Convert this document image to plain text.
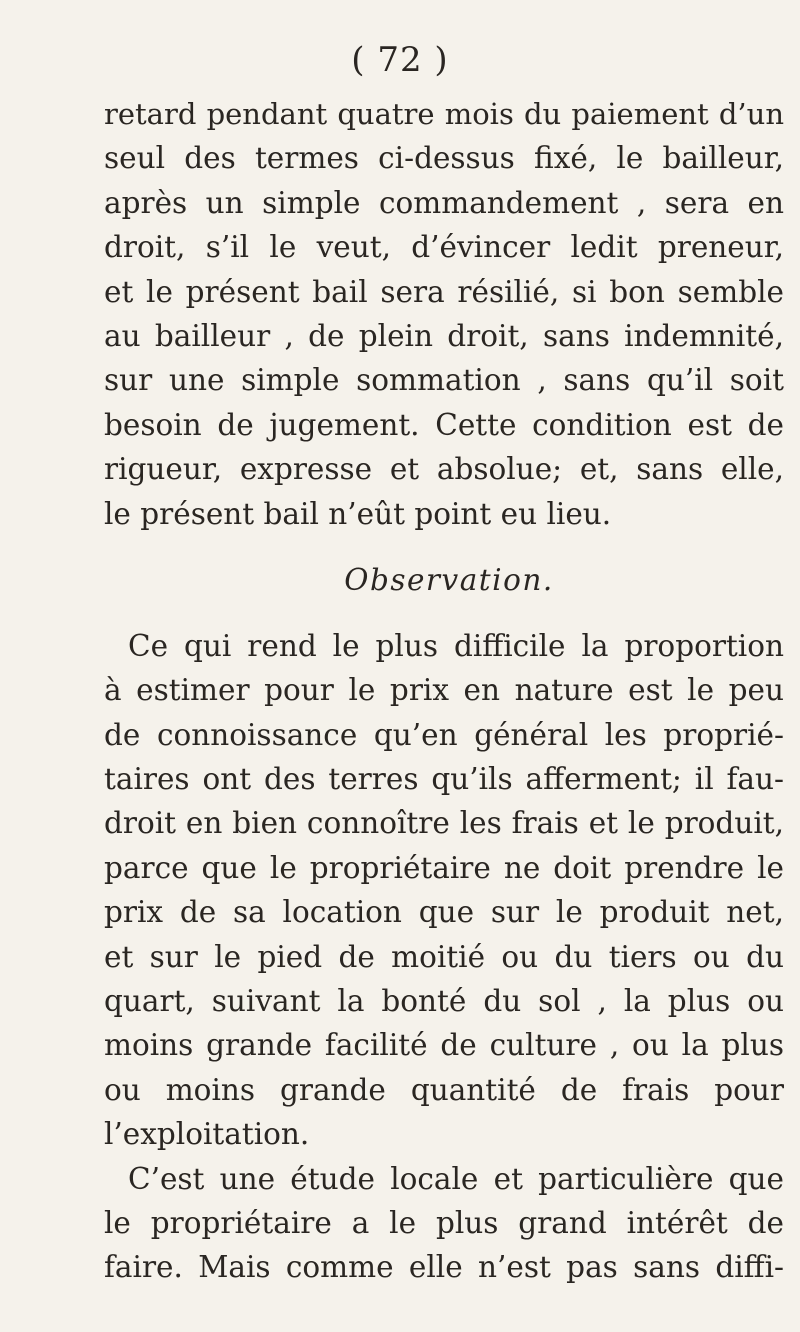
( 72 )
retard pendant quatre mois du paiement d’un
seul des termes ci-dessus fixé, le bailleur,
après un simple commandement , sera en
droit, s’il le veut, d’évincer ledit preneur,
et le présent bail sera résilié, si bon semble
au bailleur , de plein droit, sans indemnité,
sur une simple sommation , sans qu’il soit
besoin de jugement. Cette condition est de
rigueur, expresse et absolue; et, sans elle,
le présent bail n’eût point eu lieu.
Observation.
Ce qui rend le plus difficile la proportion
à estimer pour le prix en nature est le peu
de connoissance qu’en général les proprié-
taires ont des terres qu’ils afferment; il fau-
droit en bien connoître les frais et le produit,
parce que le propriétaire ne doit prendre le
prix de sa location que sur le produit net,
et sur le pied de moitié ou du tiers ou du
quart, suivant la bonté du sol , la plus ou
moins grande facilité de culture , ou la plus
ou moins grande quantité de frais pour
l’exploitation.
C’est une étude locale et particulière que
le propriétaire a le plus grand intérêt de
faire. Mais comme elle n’est pas sans diffi-
